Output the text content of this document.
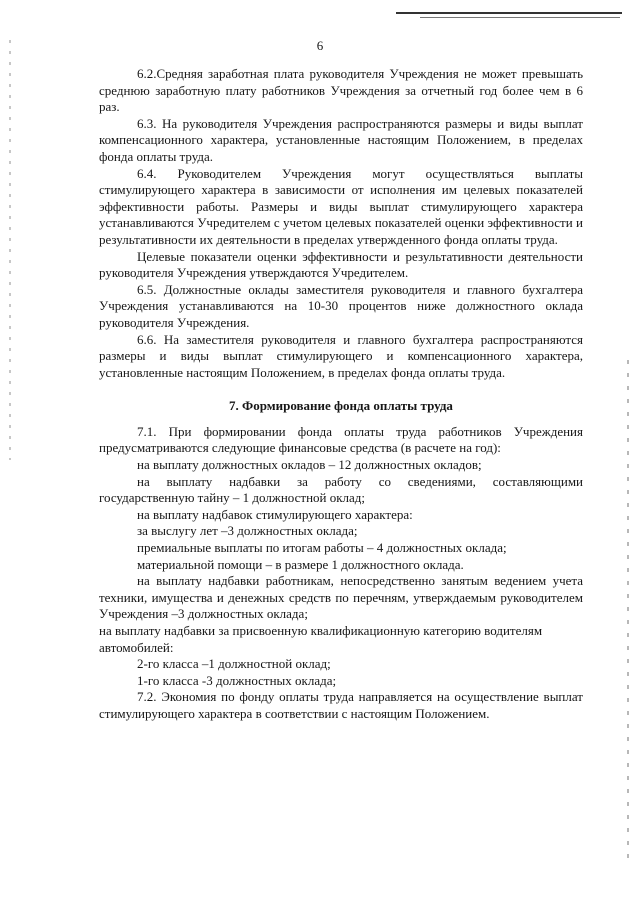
6

6.2.Средняя заработная плата руководителя Учреждения не может превышать среднюю заработную плату работников Учреждения за отчетный год более чем в 6 раз.

6.3. На руководителя Учреждения распространяются размеры и виды выплат компенсационного характера, установленные настоящим Положением, в пределах фонда оплаты труда.

6.4. Руководителем Учреждения могут осуществляться выплаты стимулирующего характера в зависимости от исполнения им целевых показателей эффективности работы. Размеры и виды выплат стимулирующего характера устанавливаются Учредителем с учетом целевых показателей оценки эффективности и результативности их деятельности в пределах утвержденного фонда оплаты труда.

Целевые показатели оценки эффективности и результативности деятельности руководителя Учреждения утверждаются Учредителем.

6.5. Должностные оклады заместителя руководителя и главного бухгалтера Учреждения устанавливаются на 10-30 процентов ниже должностного оклада руководителя Учреждения.

6.6. На заместителя руководителя и главного бухгалтера распространяются размеры и виды выплат стимулирующего и компенсационного характера, установленные настоящим Положением, в пределах фонда оплаты труда.

7. Формирование фонда оплаты труда

7.1. При формировании фонда оплаты труда работников Учреждения предусматриваются следующие финансовые средства (в расчете на год):

на выплату должностных окладов – 12 должностных окладов;

на выплату надбавки за работу со сведениями, составляющими государственную тайну – 1 должностной оклад;

на выплату надбавок стимулирующего характера:

за выслугу лет –3 должностных оклада;

премиальные выплаты по итогам работы – 4 должностных оклада;

материальной помощи – в размере 1 должностного оклада.

на выплату надбавки работникам, непосредственно занятым ведением учета техники, имущества и денежных средств по перечням, утверждаемым руководителем Учреждения –3 должностных оклада;

на выплату надбавки за присвоенную квалификационную категорию водителям автомобилей:

2-го класса –1 должностной оклад;

1-го класса -3 должностных оклада;

7.2. Экономия по фонду оплаты труда направляется на осуществление выплат стимулирующего характера в соответствии с настоящим Положением.
